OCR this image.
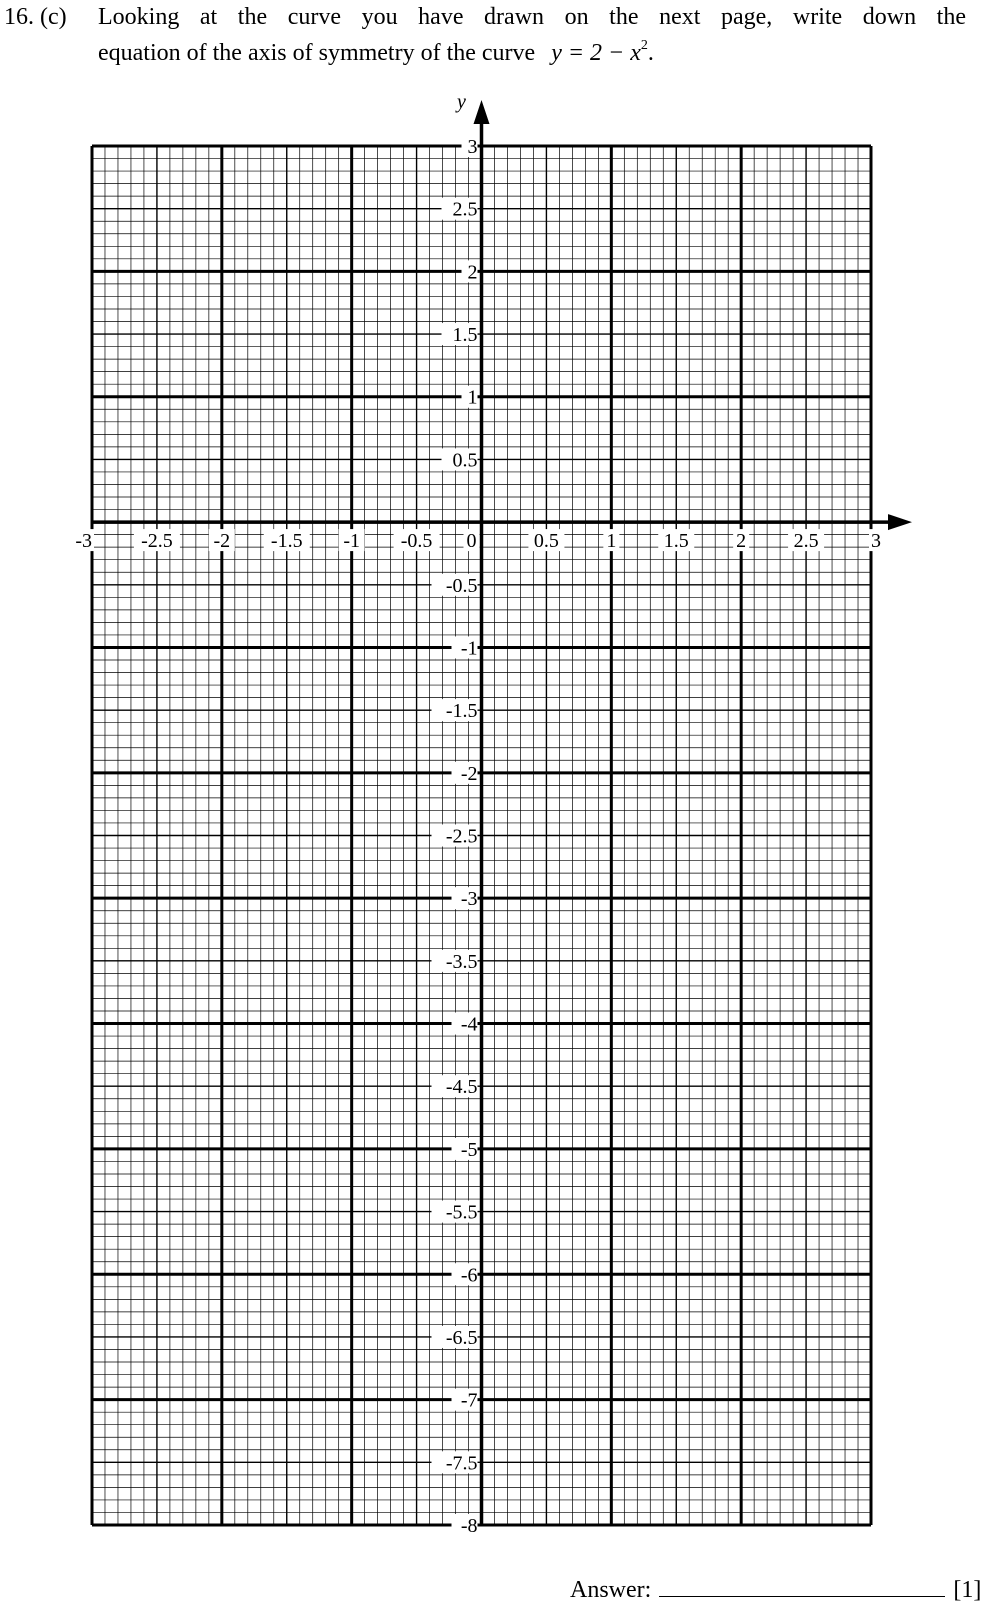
16. (c) Looking at the curve you have drawn on the next page, write down the
equation of the axis of symmetry of the curve $y = 2 - x^2$.
y
-3 -2.5 -2 -1.5 -1 -0.5 0	0.5 1 1.5 2 2.5	3
3
2.5
2
1.5
1
0.5
-0.5
-1
-1.5
-2
-2.5
-3
-3.5
-4
-4.5
-5
-5.5
-6
-6.5
-7
-7.5
-8
Answer:	[1]
